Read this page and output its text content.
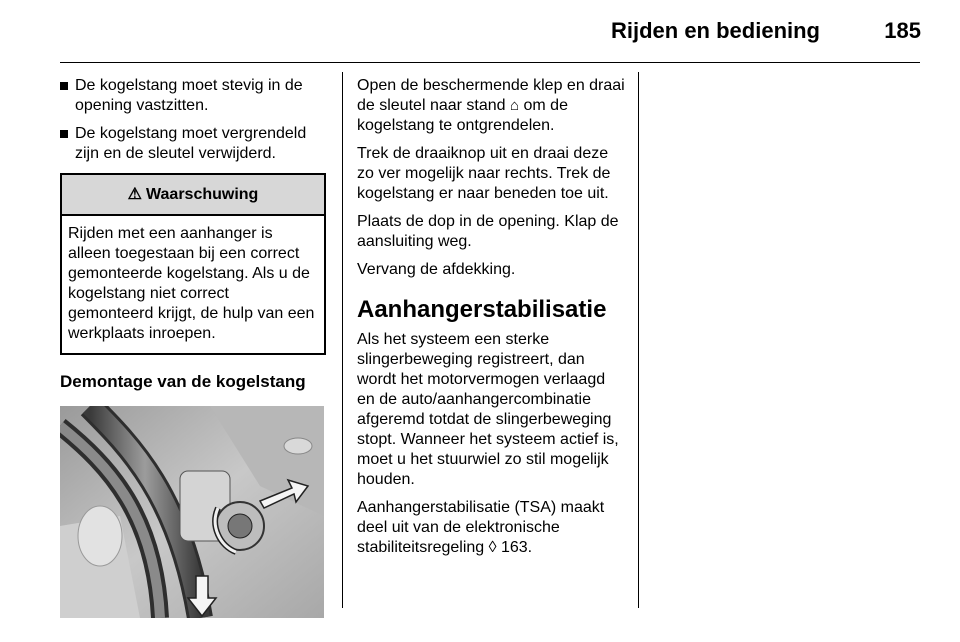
Rijden en bediening	185
De kogelstang moet stevig in de opening vastzitten.
De kogelstang moet vergrendeld zijn en de sleutel verwijderd.
⚠ Waarschuwing
Rijden met een aanhanger is alleen toegestaan bij een correct gemonteerde kogelstang. Als u de kogelstang niet correct gemonteerd krijgt, de hulp van een werkplaats inroepen.
Demontage van de kogelstang

Open de beschermende klep en draai de sleutel naar stand ⌂ om de kogelstang te ontgrendelen.

Trek de draaiknop uit en draai deze zo ver mogelijk naar rechts. Trek de kogelstang er naar beneden toe uit.

Plaats de dop in de opening. Klap de aansluiting weg.

Vervang de afdekking.

Aanhangerstabilisatie

Als het systeem een sterke slingerbeweging registreert, dan wordt het motorvermogen verlaagd en de auto/aanhangercombinatie afgeremd totdat de slingerbeweging stopt. Wanneer het systeem actief is, moet u het stuurwiel zo stil mogelijk houden.

Aanhangerstabilisatie (TSA) maakt deel uit van de elektronische stabiliteitsregeling ◊ 163.
